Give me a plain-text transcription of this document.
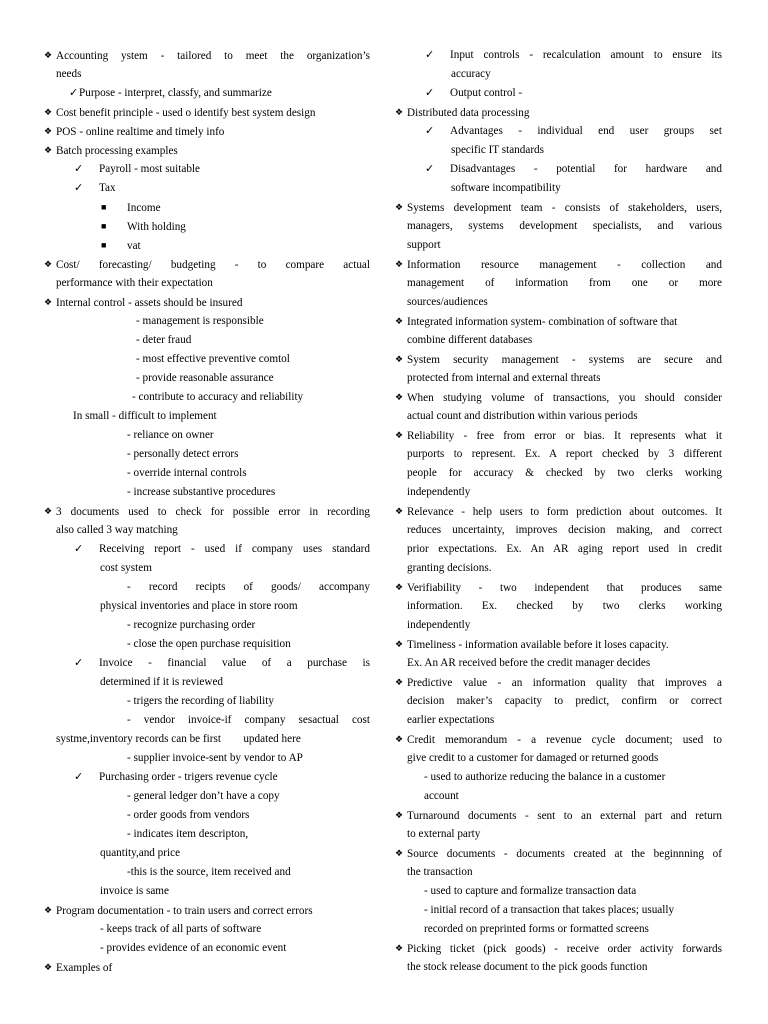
❖ Accounting ystem - tailored to meet the organization’s
needs
✓Purpose - interpret, classfy, and summarize
❖ Cost benefit principle - used o identify best system design
❖ POS - online realtime and timely info
❖ Batch processing examples
✓ Payroll - most suitable
✓ Tax
■ Income
■ With holding
■ vat
❖ Cost/ forecasting/ budgeting - to compare actual
performance with their expectation
❖ Internal control - assets should be insured
- management is responsible
- deter fraud
- most effective preventive comtol
- provide reasonable assurance
- contribute to accuracy and reliability
In small - difficult to implement
- reliance on owner
- personally detect errors
- override internal controls
- increase substantive procedures
❖ 3 documents used to check for possible error in recording
also called 3 way matching
✓ Receiving report - used if company uses standard
cost system
- record recipts of goods/ accompany
physical inventories and place in store room
- recognize purchasing order
- close the open purchase requisition
✓ Invoice - financial value of a purchase is
determined if it is reviewed
- trigers the recording of liability
- vendor invoice-if company sesactual cost
systme,inventory records can be first        updated here
- supplier invoice-sent by vendor to AP
✓ Purchasing order - trigers revenue cycle
- general ledger don’t have a copy
- order goods from vendors
- indicates item descripton,
quantity,and price
-this is the source, item received and
invoice is same
❖ Program documentation - to train users and correct errors
- keeps track of all parts of software
- provides evidence of an economic event
❖ Examples of
✓ Input controls - recalculation amount to ensure its
accuracy
✓ Output control -
❖ Distributed data processing
✓ Advantages - individual end user groups set
specific IT standards
✓ Disadvantages - potential for hardware and
software incompatibility
❖ Systems development team - consists of stakeholders, users,
managers, systems development specialists, and various
support
❖ Information resource management - collection and
management of information from one or more
sources/audiences
❖ Integrated information system- combination of software that
combine different databases
❖ System security management - systems are secure and
protected from internal and external threats
❖ When studying volume of transactions, you should consider
actual count and distribution within various periods
❖ Reliability - free from error or bias. It represents what it
purports to represent. Ex. A report checked by 3 different
people for accuracy & checked by two clerks working
independently
❖ Relevance - help users to form prediction about outcomes. It
reduces uncertainty, improves decision making, and correct
prior expectations. Ex. An AR aging report used in credit
granting decisions.
❖ Verifiability - two independent that produces same
information. Ex. checked by two clerks working
independently
❖ Timeliness - information available before it loses capacity.
Ex. An AR received before the credit manager decides
❖ Predictive value - an information quality that improves a
decision maker’s capacity to predict, confirm or correct
earlier expectations
❖ Credit memorandum - a revenue cycle document; used to
give credit to a customer for damaged or returned goods
- used to authorize reducing the balance in a customer
account
❖ Turnaround documents - sent to an external part and return
to external party
❖ Source documents - documents created at the beginnning of
the transaction
- used to capture and formalize transaction data
- initial record of a transaction that takes places; usually
recorded on preprinted forms or formatted screens
❖ Picking ticket (pick goods) - receive order activity forwards
the stock release document to the pick goods function
